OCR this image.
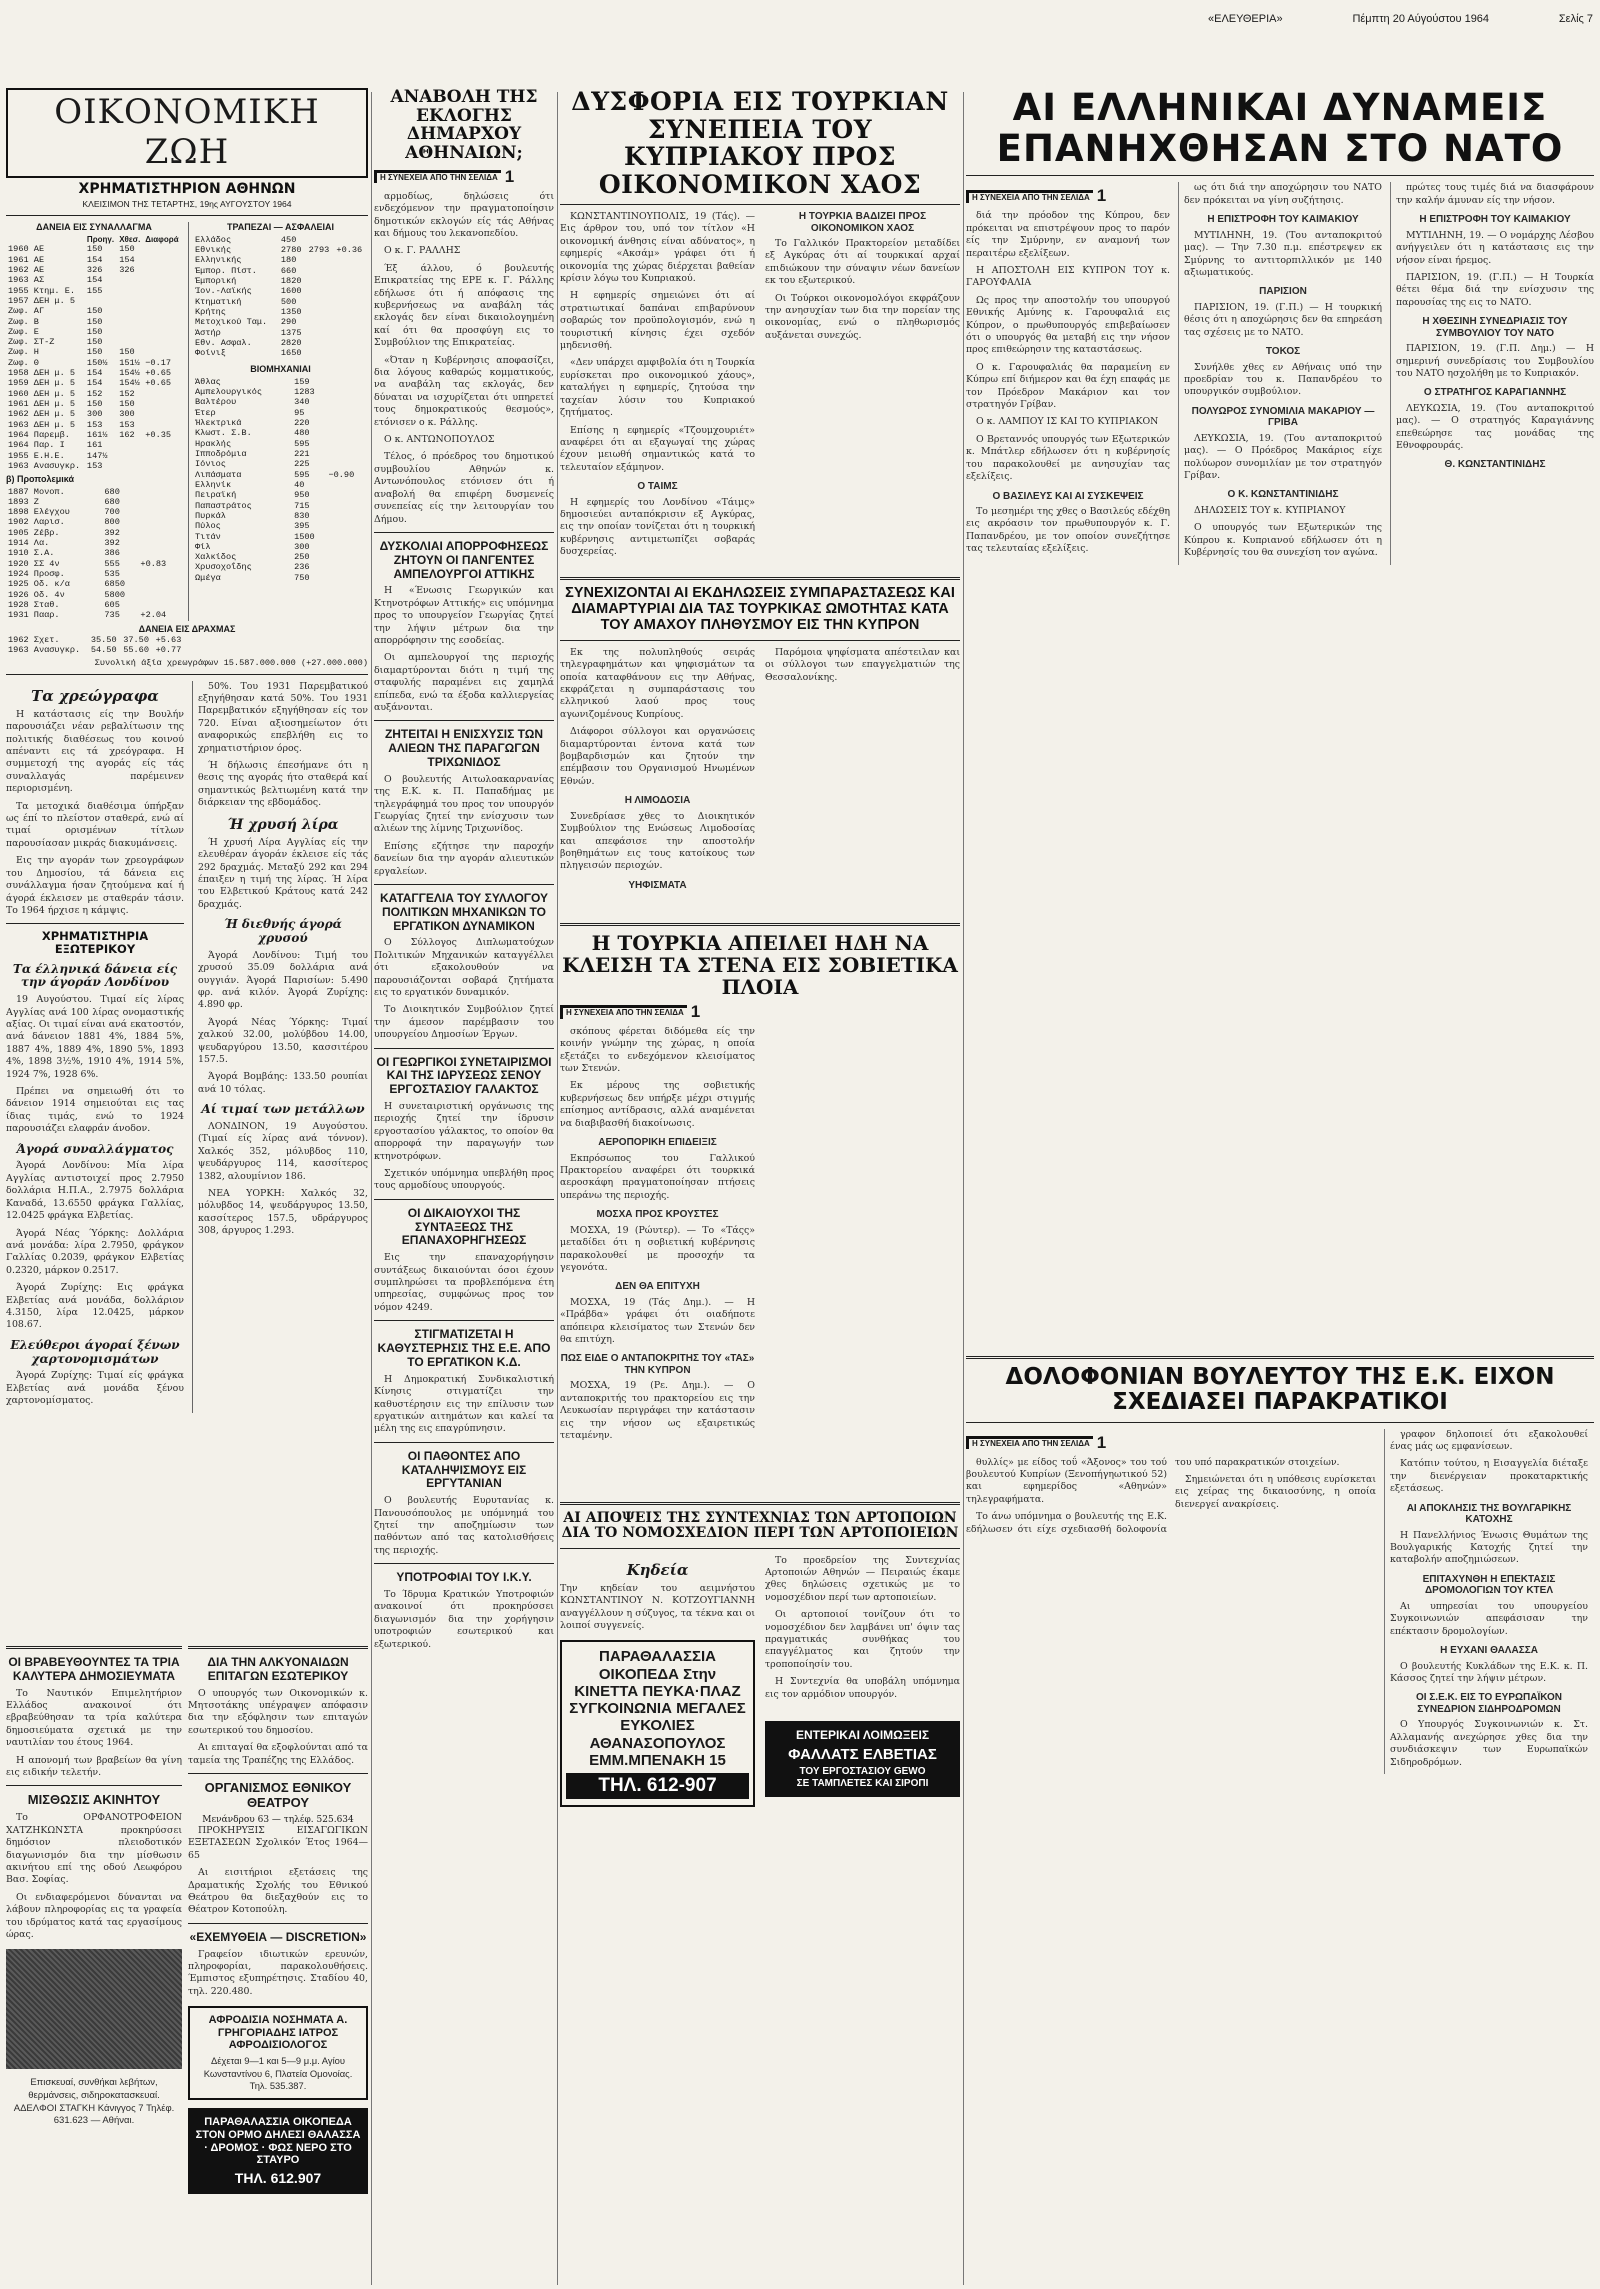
«ΕΛΕΥΘΕΡΙΑ»	Πέμπτη 20 Αύγούστου 1964	Σελίς 7
ΟΙΚΟΝΟΜΙΚΗ ΖΩΗ
ΧΡΗΜΑΤΙΣΤΗΡΙΟΝ ΑΘΗΝΩΝ
ΚΛΕΙΣΙΜΟΝ ΤΗΣ ΤΕΤΑΡΤΗΣ, 19ης ΑΥΓΟΥΣΤΟΥ 1964
ΔΑΝΕΙΑ ΕΙΣ ΣΥΝΑΛΛΑΓΜΑ
	Προηγ.	Χθεσ.	Διαφορά
1960 ΑΕ	150	150	
1961 ΑΕ	154	154	
1962 ΑΕ	326	326	
1963 ΑΣ	154		
1955 Κτημ. Ε.	155		
1957 ΔΕΗ μ. 5			
Ζωφ. ΑΓ	150		
Ζωφ. Β	150		
Ζωφ. Ε	150		
Ζωφ. ΣΤ-Ζ	150		
Ζωφ. Η	150	150	
Ζωφ. Θ	150½	151½	−0.17
1958 ΔΕΗ μ. 5	154	154½	+0.65
1959 ΔΕΗ μ. 5	154	154½	+0.65
1960 ΔΕΗ μ. 5	152	152	
1961 ΔΕΗ μ. 5	150	150	
1962 ΔΕΗ μ. 5	300	300	
1963 ΔΕΗ μ. 5	153	153	
1964 Παρεμβ.	161½	162	+0.35
1964 Παρ. Ι	161		
1955 Ε.Η.Ε.	147½		
1963 Ανασυγκρ.	153		
β) Προπολεμικά
1887 Μονοπ.	680	
1893 Ζ	680	
1898 Ελέγχου	700	
1902 Λαρισ.	800	
1905 Ζέβρ.	392	
1914 Λα.	392	
1910 Σ.Α.	386	
1920 ΣΣ 4ν	555	+0.83
1924 Προσφ.	535	
1925 Οδ. κ/α	6850	
1926 Οδ. 4ν	5800	
1928 Σταθ.	605	
1931 Πααρ.	735	+2.04
ΤΡΑΠΕΖΑΙ — ΑΣΦΑΛΕΙΑΙ
Ελλάδος	450		
Εθνικής	2780	2793	+0.36
Ελληνικής	180		
Έμπορ. Πίστ.	660		
Έμπορική	1820		
Ίον.-Λαϊκής	1600		
Κτηματική	500		
Κρήτης	1350		
Μετοχικού Ταμ.	290		
Άστήρ	1375		
Εθν. Ασφαλ.	2820		
Φοίνιξ	1650		
ΒΙΟΜΗΧΑΝΙΑΙ
Άθλας	159	
Αμπελουργικός	1283	
Βαλτέρου	340	
Έτερ	95	
Ήλεκτρικά	220	
Κλωστ. Σ.Β.	480	
Ηρακλής	595	
Ιπποδρόμια	221	
Ιόνιος	225	
Λιπάσματα	595	−0.90
Ελληνίκ	40	
Πειραϊκή	950	
Παπαστράτος	715	
Πυρκάλ	830	
Πύλος	395	
Τιτάν	1500	
Φίλ	300	
Χαλκίδος	250	
Χρυσοχοΐδης	236	
Ωμέγα	750	
ΔΑΝΕΙΑ ΕΙΣ ΔΡΑΧΜΑΣ
1962 Σχετ.	35.50	37.50	+5.63
1963 Ανασυγκρ.	54.50	55.60	+0.77
Συνολική άξία χρεωγράφων 15.587.000.000 (+27.000.000)
Τα χρεώγραφα

Η κατάστασις είς την Βουλήν παρουσιάζει νέαν ρεβαλίτωσιν της πολιτικής διαθέσεως του κοινού απέναντι εις τά χρεόγραφα. Η συμμετοχή της αγοράς είς τάς συναλλαγάς παρέμεινεν περιορισμένη.

Τα μετοχικά διαθέσιμα ύπήρξαν ως έπί το πλείστον σταθερά, ενώ αί τιμαί ορισμένων τίτλων παρουσίασαν μικράς διακυμάνσεις.

Εις την αγοράν των χρεογράφων του Δημοσίου, τά δάνεια εις συνάλλαγμα ήσαν ζητούμενα καί ή άγορά έκλεισεν με σταθεράν τάσιν. Το 1964 ήρχισε η κάμψις.

ΧΡΗΜΑΤΙΣΤΗΡΙΑ ΕΞΩΤΕΡΙΚΟΥ
Τα έλληνικά δάνεια είς την άγοράν Λονδίνου

19 Αυγούστου. Τιμαί είς λίρας Αγγλίας ανά 100 λίρας ονομαστικής αξίας. Οι τιμαί είναι ανά εκατοστόν, ανά δάνειον 1881 4%, 1884 5%, 1887 4%, 1889 4%, 1890 5%, 1893 4%, 1898 3½%, 1910 4%, 1914 5%, 1924 7%, 1928 6%.

Πρέπει να σημειωθή ότι το δάνειον 1914 σημειούται εις τας ίδιας τιμάς, ενώ το 1924 παρουσιάζει ελαφράν άνοδον.

Άγορά συναλλάγματος

Άγορά Λονδίνου: Μία λίρα Αγγλίας αντιστοιχεί προς 2.7950 δολλάρια Η.Π.Α., 2.7975 δολλάρια Καναδά, 13.6550 φράγκα Γαλλίας, 12.0425 φράγκα Ελβετίας.

Άγορά Νέας Ύόρκης: Δολλάρια ανά μονάδα: λίρα 2.7950, φράγκον Γαλλίας 0.2039, φράγκον Ελβετίας 0.2320, μάρκον 0.2517.

Άγορά Ζυρίχης: Εις φράγκα Ελβετίας ανά μονάδα, δολλάριον 4.3150, λίρα 12.0425, μάρκον 108.67.

Ελεύθεροι άγοραί ξένων χαρτονομισμάτων

Άγορά Ζυρίχης: Τιμαί είς φράγκα Ελβετίας ανά μονάδα ξένου χαρτονομίσματος.

50%. Του 1931 Παρεμβατικού εξηγήθησαν κατά 50%. Του 1931 Παρεμβατικόν εξηγήθησαν είς τον 720. Είναι αξιοσημείωτον ότι αναφορικώς επεβλήθη εις το χρηματιστήριον όρος.

Ή δήλωσις έπεσήμανε ότι η θεσις της αγοράς ήτο σταθερά καί σημαντικώς βελτιωμένη κατά την διάρκειαν της εβδομάδος.

Ή χρυσή λίρα

Ή χρυσή Λίρα Αγγλίας είς την ελευθέραν άγοράν έκλεισε είς τάς 292 δραχμάς. Μεταξύ 292 και 294 έπαιξεν η τιμή της λίρας. Ή λίρα του Ελβετικού Κράτους κατά 242 δραχμάς.

Ή διεθνής άγορά χρυσού

Άγορά Λονδίνου: Τιμή του χρυσού 35.09 δολλάρια ανά ουγγιάν. Άγορά Παρισίων: 5.490 φρ. ανά κιλόν. Άγορά Ζυρίχης: 4.890 φρ.

Άγορά Νέας Ύόρκης: Τιμαί χαλκού 32.00, μολύβδου 14.00, ψευδαργύρου 13.50, κασσιτέρου 157.5.

Άγορά Βομβάης: 133.50 ρουπίαι ανά 10 τόλας.

Αί τιμαί των μετάλλων

ΛΟΝΔΙΝΟΝ, 19 Αυγούστου. (Τιμαί είς λίρας ανά τόννον). Χαλκός 352, μόλυβδος 110, ψευδάργυρος 114, κασσίτερος 1382, αλουμίνιον 186.

ΝΕΑ ΥΟΡΚΗ: Χαλκός 32, μόλυβδος 14, ψευδάργυρος 13.50, κασσίτερος 157.5, υδράργυρος 308, άργυρος 1.293.

ΟΙ ΒΡΑΒΕΥΘΟΥΝΤΕΣ ΤΑ ΤΡΙΑ ΚΑΛΥΤΕΡΑ ΔΗΜΟΣΙΕΥΜΑΤΑ

Το Ναυτικόν Επιμελητήριον Ελλάδος ανακοινοί ότι εβραβεύθησαν τα τρία καλύτερα δημοσιεύματα σχετικά με την ναυτιλίαν του έτους 1964.

Η απονομή των βραβείων θα γίνη εις ειδικήν τελετήν.

ΜΙΣΘΩΣΙΣ ΑΚΙΝΗΤΟΥ

Το ΟΡΦΑΝΟΤΡΟΦΕΙΟΝ ΧΑΤΖΗΚΩΝΣΤΑ προκηρύσσει δημόσιον πλειοδοτικόν διαγωνισμόν δια την μίσθωσιν ακινήτου επί της οδού Λεωφόρου Βασ. Σοφίας.

Οι ενδιαφερόμενοι δύνανται να λάβουν πληροφορίας εις τα γραφεία του ιδρύματος κατά τας εργασίμους ώρας.

Επισκευαί, συνθήκαι λεβήτων, θερμάνσεις, σιδηροκατασκευαί. ΑΔΕΛΦΟΙ ΣΤΑΓΚΗ Κάνιγγος 7 Τηλέφ. 631.623 — Αθήναι.
ΔΙΑ ΤΗΝ ΑΛΚΥΟΝΑΙΔΩΝ ΕΠΙΤΑΓΩΝ ΕΣΩΤΕΡΙΚΟΥ

Ο υπουργός των Οικονομικών κ. Μητσοτάκης υπέγραψεν απόφασιν δια την εξόφλησιν των επιταγών εσωτερικού του δημοσίου.

Αι επιταγαί θα εξοφλούνται από τα ταμεία της Τραπέζης της Ελλάδος.

ΟΡΓΑΝΙΣΜΟΣ ΕΘΝΙΚΟΥ ΘΕΑΤΡΟΥ
Μενάνδρου 63 — τηλέφ. 525.634

ΠΡΟΚΗΡΥΞΙΣ ΕΙΣΑΓΩΓΙΚΩΝ ΕΞΕΤΑΣΕΩΝ Σχολικόν Έτος 1964—65

Αι εισιτήριοι εξετάσεις της Δραματικής Σχολής του Εθνικού Θεάτρου θα διεξαχθούν εις το Θέατρον Κοτοπούλη.

«ΕΧΕΜΥΘΕΙΑ — DISCRETION»

Γραφείον ιδιωτικών ερευνών, πληροφορίαι, παρακολουθήσεις. Έμπιστος εξυπηρέτησις. Σταδίου 40, τηλ. 220.480.

ΑΦΡΟΔΙΣΙΑ ΝΟΣΗΜΑΤΑ Α. ΓΡΗΓΟΡΙΑΔΗΣ ΙΑΤΡΟΣ ΑΦΡΟΔΙΣΙΟΛΟΓΟΣ
Δέχεται 9—1 και 5—9 μ.μ. Αγίου Κωνσταντίνου 6, Πλατεία Ομονοίας. Τηλ. 535.387.
ΠΑΡΑΘΑΛΑΣΣΙΑ ΟΙΚΟΠΕΔΑ ΣΤΟΝ ΟΡΜΟ ΔΗΛΕΣΙ ΘΑΛΑΣΣΑ · ΔΡΟΜΟΣ · ΦΩΣ ΝΕΡΟ ΣΤΟ ΣΤΑΥΡΟ
ΤΗΛ. 612.907
ΑΝΑΒΟΛΗ ΤΗΣ ΕΚΛΟΓΗΣ ΔΗΜΑΡΧΟΥ ΑΘΗΝΑΙΩΝ;
Η ΣΥΝΕΧΕΙΑ ΑΠΟ ΤΗΝ ΣΕΛΙΔΑ 1

αρμοδίως, δηλώσεις ότι ενδεχόμενον την πραγματοποίησιν δημοτικών εκλογών είς τάς Αθήνας και δήμους του λεκανοπεδίου.

Ο κ. Γ. ΡΑΛΛΗΣ

Έξ άλλου, ό βουλευτής Επικρατείας της ΕΡΕ κ. Γ. Ράλλης εδήλωσε ότι ή απόφασις της κυβερνήσεως να αναβάλη τάς εκλογάς δεν είναι δικαιολογημένη καί ότι θα προσφύγη εις το Συμβούλιον της Επικρατείας.

«Όταν η Κυβέρνησις αποφασίζει, δια λόγους καθαρώς κομματικούς, να αναβάλη τας εκλογάς, δεν δύναται να ισχυρίζεται ότι υπηρετεί τους δημοκρατικούς θεσμούς», ετόνισεν ο κ. Ράλλης.

Ο κ. ΑΝΤΩΝΟΠΟΥΛΟΣ

Τέλος, ό πρόεδρος του δημοτικού συμβουλίου Αθηνών κ. Αντωνόπουλος ετόνισεν ότι ή αναβολή θα επιφέρη δυσμενείς συνεπείας είς την λειτουργίαν του Δήμου.

ΔΥΣΚΟΛΙΑΙ ΑΠΟΡΡΟΦΗΣΕΩΣ ΖΗΤΟΥΝ ΟΙ ΠΑΝΓΕΝΤΕΣ ΑΜΠΕΛΟΥΡΓΟΙ ΑΤΤΙΚΗΣ

Η «Ένωσις Γεωργικών και Κτηνοτρόφων Αττικής» εις υπόμνημα προς το υπουργείον Γεωργίας ζητεί την λήψιν μέτρων δια την απορρόφησιν της εσοδείας.

Οι αμπελουργοί της περιοχής διαμαρτύρονται διότι η τιμή της σταφυλής παραμένει εις χαμηλά επίπεδα, ενώ τα έξοδα καλλιεργείας αυξάνονται.

ΖΗΤΕΙΤΑΙ Η ΕΝΙΣΧΥΣΙΣ ΤΩΝ ΑΛΙΕΩΝ ΤΗΣ ΠΑΡΑΓΩΓΩΝ ΤΡΙΧΩΝΙΔΟΣ

Ο βουλευτής Αιτωλοακαρνανίας της Ε.Κ. κ. Π. Παπαδήμας με τηλεγράφημά του προς τον υπουργόν Γεωργίας ζητεί την ενίσχυσιν των αλιέων της λίμνης Τριχωνίδος.

Επίσης εζήτησε την παροχήν δανείων δια την αγοράν αλιευτικών εργαλείων.

ΚΑΤΑΓΓΕΛΙΑ ΤΟΥ ΣΥΛΛΟΓΟΥ ΠΟΛΙΤΙΚΩΝ ΜΗΧΑΝΙΚΩΝ ΤΟ ΕΡΓΑΤΙΚΟΝ ΔΥΝΑΜΙΚΟΝ

Ο Σύλλογος Διπλωματούχων Πολιτικών Μηχανικών καταγγέλλει ότι εξακολουθούν να παρουσιάζονται σοβαρά ζητήματα εις το εργατικόν δυναμικόν.

Το Διοικητικόν Συμβούλιον ζητεί την άμεσον παρέμβασιν του υπουργείου Δημοσίων Έργων.

ΟΙ ΓΕΩΡΓΙΚΟΙ ΣΥΝΕΤΑΙΡΙΣΜΟΙ ΚΑΙ ΤΗΣ ΙΔΡΥΣΕΩΣ ΣΕΝΟΥ ΕΡΓΟΣΤΑΣΙΟΥ ΓΑΛΑΚΤΟΣ

Η συνεταιριστική οργάνωσις της περιοχής ζητεί την ίδρυσιν εργοστασίου γάλακτος, το οποίον θα απορροφά την παραγωγήν των κτηνοτρόφων.

Σχετικόν υπόμνημα υπεβλήθη προς τους αρμοδίους υπουργούς.

ΟΙ ΔΙΚΑΙΟΥΧΟΙ ΤΗΣ ΣΥΝΤΑΞΕΩΣ ΤΗΣ ΕΠΑΝΑΧΟΡΗΓΗΣΕΩΣ

Εις την επαναχορήγησιν συντάξεως δικαιούνται όσοι έχουν συμπληρώσει τα προβλεπόμενα έτη υπηρεσίας, συμφώνως προς τον νόμον 4249.

ΣΤΙΓΜΑΤΙΖΕΤΑΙ Η ΚΑΘΥΣΤΕΡΗΣΙΣ ΤΗΣ Ε.Ε. ΑΠΟ ΤΟ ΕΡΓΑΤΙΚΟΝ Κ.Δ.

Η Δημοκρατική Συνδικαλιστική Κίνησις στιγματίζει την καθυστέρησιν εις την επίλυσιν των εργατικών αιτημάτων και καλεί τα μέλη της εις επαγρύπνησιν.

ΟΙ ΠΑΘΟΝΤΕΣ ΑΠΟ ΚΑΤΑΛΗΨΙΣΜΟΥΣ ΕΙΣ ΕΡΓΥΤΑΝΙΑΝ

Ο βουλευτής Ευρυτανίας κ. Πανουσόπουλος με υπόμνημά του ζητεί την αποζημίωσιν των παθόντων από τας κατολισθήσεις της περιοχής.

ΥΠΟΤΡΟΦΙΑΙ ΤΟΥ Ι.Κ.Υ.

Το Ίδρυμα Κρατικών Υποτροφιών ανακοινοί ότι προκηρύσσει διαγωνισμόν δια την χορήγησιν υποτροφιών εσωτερικού και εξωτερικού.

ΔΥΣΦΟΡΙΑ ΕΙΣ ΤΟΥΡΚΙΑΝ ΣΥΝΕΠΕΙΑ ΤΟΥ ΚΥΠΡΙΑΚΟΥ ΠΡΟΣ ΟΙΚΟΝΟΜΙΚΟΝ ΧΑΟΣ

ΚΩΝΣΤΑΝΤΙΝΟΥΠΟΛΙΣ, 19 (Τάς). — Εις άρθρον του, υπό τον τίτλον «Η οικονομική άνθησις είναι αδύνατος», η εφημερίς «Ακσάμ» γράφει ότι ή οικονομία της χώρας διέρχεται βαθείαν κρίσιν λόγω του Κυπριακού.

Η εφημερίς σημειώνει ότι αί στρατιωτικαί δαπάναι επιβαρύνουν σοβαρώς τον προϋπολογισμόν, ενώ η τουριστική κίνησις έχει σχεδόν μηδενισθή.

«Δεν υπάρχει αμφιβολία ότι η Τουρκία ευρίσκεται προ οικονομικού χάους», καταλήγει η εφημερίς, ζητούσα την ταχείαν λύσιν του Κυπριακού ζητήματος.

Επίσης η εφημερίς «Τζουμχουριέτ» αναφέρει ότι αι εξαγωγαί της χώρας έχουν μειωθή σημαντικώς κατά το τελευταίον εξάμηνον.

Ο ΤΑΙΜΣ

Η εφημερίς του Λονδίνου «Τάιμς» δημοσιεύει ανταπόκρισιν εξ Αγκύρας, εις την οποίαν τονίζεται ότι η τουρκική κυβέρνησις αντιμετωπίζει σοβαράς δυσχερείας.

Η ΤΟΥΡΚΙΑ ΒΑΔΙΖΕΙ ΠΡΟΣ ΟΙΚΟΝΟΜΙΚΟΝ ΧΑΟΣ

Το Γαλλικόν Πρακτορείον μεταδίδει εξ Αγκύρας ότι αί τουρκικαί αρχαί επιδιώκουν την σύναψιν νέων δανείων εκ του εξωτερικού.

Οι Τούρκοι οικονομολόγοι εκφράζουν την ανησυχίαν των δια την πορείαν της οικονομίας, ενώ ο πληθωρισμός αυξάνεται συνεχώς.

ΣΥΝΕΧΙΖΟΝΤΑΙ ΑΙ ΕΚΔΗΛΩΣΕΙΣ ΣΥΜΠΑΡΑΣΤΑΣΕΩΣ ΚΑΙ ΔΙΑΜΑΡΤΥΡΙΑΙ ΔΙΑ ΤΑΣ ΤΟΥΡΚΙΚΑΣ ΩΜΟΤΗΤΑΣ ΚΑΤΑ ΤΟΥ ΑΜΑΧΟΥ ΠΛΗΘΥΣΜΟΥ ΕΙΣ ΤΗΝ ΚΥΠΡΟΝ

Εκ της πολυπληθούς σειράς τηλεγραφημάτων και ψηφισμάτων τα οποία καταφθάνουν εις την Αθήνας, εκφράζεται η συμπαράστασις του ελληνικού λαού προς τους αγωνιζομένους Κυπρίους.

Διάφοροι σύλλογοι και οργανώσεις διαμαρτύρονται έντονα κατά των βομβαρδισμών και ζητούν την επέμβασιν του Οργανισμού Ηνωμένων Εθνών.

Η ΛΙΜΟΔΟΣΙΑ

Συνεδρίασε χθες το Διοικητικόν Συμβούλιον της Ενώσεως Λιμοδοσίας και απεφάσισε την αποστολήν βοηθημάτων εις τους κατοίκους των πληγεισών περιοχών.

ΥΗΦΙΣΜΑΤΑ

Παρόμοια ψηφίσματα απέστειλαν και οι σύλλογοι των επαγγελματιών της Θεσσαλονίκης.

Η ΤΟΥΡΚΙΑ ΑΠΕΙΛΕΙ ΗΔΗ ΝΑ ΚΛΕΙΣΗ ΤΑ ΣΤΕΝΑ ΕΙΣ ΣΟΒΙΕΤΙΚΑ ΠΛΟΙΑ
Η ΣΥΝΕΧΕΙΑ ΑΠΟ ΤΗΝ ΣΕΛΙΔΑ 1

σκόπους φέρεται διδόμεθα είς την κοινήν γνώμην της χώρας, η οποία εξετάζει το ενδεχόμενον κλεισίματος των Στενών.

Εκ μέρους της σοβιετικής κυβερνήσεως δεν υπήρξε μέχρι στιγμής επίσημος αντίδρασις, αλλά αναμένεται να διαβιβασθή διακοίνωσις.

ΑΕΡΟΠΟΡΙΚΗ ΕΠΙΔΕΙΞΙΣ

Εκπρόσωπος του Γαλλικού Πρακτορείου αναφέρει ότι τουρκικά αεροσκάφη πραγματοποίησαν πτήσεις υπεράνω της περιοχής.

ΜΟΣΧΑ ΠΡΟΣ ΚΡΟΥΣΤΕΣ

ΜΟΣΧΑ, 19 (Ρώυτερ). — Το «Τάςς» μεταδίδει ότι η σοβιετική κυβέρνησις παρακολουθεί με προσοχήν τα γεγονότα.

ΔΕΝ ΘΑ ΕΠΙΤΥΧΗ

ΜΟΣΧΑ, 19 (Τάς Δημ.). — Η «Πράβδα» γράφει ότι οιαδήποτε απόπειρα κλεισίματος των Στενών δεν θα επιτύχη.

ΠΩΣ ΕΙΔΕ Ο ΑΝΤΑΠΟΚΡΙΤΗΣ ΤΟΥ «ΤΑΣ» ΤΗΝ ΚΥΠΡΟΝ

ΜΟΣΧΑ, 19 (Ρε. Δημ.). — Ο ανταποκριτής του πρακτορείου εις την Λευκωσίαν περιγράφει την κατάστασιν εις την νήσον ως εξαιρετικώς τεταμένην.

ΑΙ ΑΠΟΨΕΙΣ ΤΗΣ ΣΥΝΤΕΧΝΙΑΣ ΤΩΝ ΑΡΤΟΠΟΙΩΝ ΔΙΑ ΤΟ ΝΟΜΟΣΧΕΔΙΟΝ ΠΕΡΙ ΤΩΝ ΑΡΤΟΠΟΙΕΙΩΝ
Κηδεία
Την κηδείαν του αειμνήστου ΚΩΝΣΤΑΝΤΙΝΟΥ Ν. ΚΟΤΖΟΥΓΙΑΝΝΗ αναγγέλλουν η σύζυγος, τα τέκνα και οι λοιποί συγγενείς.
ΠΑΡΑΘΑΛΑΣΣΙΑ ΟΙΚΟΠΕΔΑ Στην ΚΙΝΕΤΤΑ ΠΕΥΚΑ·ΠΛΑΖ ΣΥΓΚΟΙΝΩΝΙΑ ΜΕΓΑΛΕΣ ΕΥΚΟΛΙΕΣ ΑΘΑΝΑΣΟΠΟΥΛΟΣ ΕΜΜ.ΜΠΕΝΑΚΗ 15
ΤΗΛ. 612-907

Το προεδρείον της Συντεχνίας Αρτοποιών Αθηνών — Πειραιώς έκαμε χθες δηλώσεις σχετικώς με το νομοσχέδιον περί των αρτοποιείων.

Οι αρτοποιοί τονίζουν ότι το νομοσχέδιον δεν λαμβάνει υπ' όψιν τας πραγματικάς συνθήκας του επαγγέλματος και ζητούν την τροποποίησίν του.

Η Συντεχνία θα υποβάλη υπόμνημα εις τον αρμόδιον υπουργόν.

ΕΝΤΕΡΙΚΑΙ ΛΟΙΜΩΞΕΙΣ
ΦΑΛΛΑΤΣ ΕΛΒΕΤΙΑΣ
ΤΟΥ ΕΡΓΟΣΤΑΣΙΟΥ GEWO
ΣΕ ΤΑΜΠΛΕΤΕΣ ΚΑΙ ΣΙΡΟΠΙ
ΑΙ ΕΛΛΗΝΙΚΑΙ ΔΥΝΑΜΕΙΣ ΕΠΑΝΗΧΘΗΣΑΝ ΣΤΟ ΝΑΤΟ
Η ΣΥΝΕΧΕΙΑ ΑΠΟ ΤΗΝ ΣΕΛΙΔΑ 1

διά την πρόοδον της Κύπρου, δεν πρόκειται να επιστρέψουν προς το παρόν είς την Σμύρνην, εν αναμονή των περαιτέρω εξελίξεων.

Η ΑΠΟΣΤΟΛΗ ΕΙΣ ΚΥΠΡΟΝ ΤΟΥ κ. ΓΑΡΟΥΦΑΛΙΑ

Ως προς την αποστολήν του υπουργού Εθνικής Αμύνης κ. Γαρουφαλιά εις Κύπρον, ο πρωθυπουργός επιβεβαίωσεν ότι ο υπουργός θα μεταβή εις την νήσον προς επιθεώρησιν της καταστάσεως.

Ο κ. Γαρουφαλιάς θα παραμείνη εν Κύπρω επί διήμερον και θα έχη επαφάς με τον Πρόεδρον Μακάριον και τον στρατηγόν Γρίβαν.

Ο κ. ΛΑΜΠΟΥ ΙΣ ΚΑΙ ΤΟ ΚΥΠΡΙΑΚΟΝ

Ο Βρεταννός υπουργός των Εξωτερικών κ. Μπάτλερ εδήλωσεν ότι η κυβέρνησίς του παρακολουθεί με ανησυχίαν τας εξελίξεις.

Ο ΒΑΣΙΛΕΥΣ ΚΑΙ ΑΙ ΣΥΣΚΕΨΕΙΣ

Το μεσημέρι της χθες ο Βασιλεύς εδέχθη εις ακρόασιν τον πρωθυπουργόν κ. Γ. Παπανδρέου, με τον οποίον συνεζήτησε τας τελευταίας εξελίξεις.

ως ότι διά την αποχώρησιν του ΝΑΤΟ δεν πρόκειται να γίνη συζήτησις.

Η ΕΠΙΣΤΡΟΦΗ ΤΟΥ ΚΑΙΜΑΚΙΟΥ

ΜΥΤΙΛΗΝΗ, 19. (Του ανταποκριτού μας). — Την 7.30 π.μ. επέστρεψεν εκ Σμύρνης το αντιτορπιλλικόν με 140 αξιωματικούς.

ΠΑΡΙΣΙΟΝ

ΠΑΡΙΣΙΟΝ, 19. (Γ.Π.) — Η τουρκική θέσις ότι η αποχώρησις δεν θα επηρεάση τας σχέσεις με το ΝΑΤΟ.

ΤΟΚΟΣ

Συνήλθε χθες εν Αθήναις υπό την προεδρίαν του κ. Παπανδρέου το υπουργικόν συμβούλιον.

ΠΟΛΥΩΡΟΣ ΣΥΝΟΜΙΛΙΑ ΜΑΚΑΡΙΟΥ — ΓΡΙΒΑ

ΛΕΥΚΩΣΙΑ, 19. (Του ανταποκριτού μας). — Ο Πρόεδρος Μακάριος είχε πολύωρον συνομιλίαν με τον στρατηγόν Γρίβαν.

Ο Κ. ΚΩΝΣΤΑΝΤΙΝΙΔΗΣ

ΔΗΛΩΣΕΙΣ ΤΟΥ κ. ΚΥΠΡΙΑΝΟΥ

Ο υπουργός των Εξωτερικών της Κύπρου κ. Κυπριανού εδήλωσεν ότι η Κυβέρνησίς του θα συνεχίση τον αγώνα.

πρώτες τους τιμές διά να διασφάρουν την καλήν άμυναν είς την νήσον.

Η ΕΠΙΣΤΡΟΦΗ ΤΟΥ ΚΑΙΜΑΚΙΟΥ

ΜΥΤΙΛΗΝΗ, 19. — Ο νομάρχης Λέσβου ανήγγειλεν ότι η κατάστασις εις την νήσον είναι ήρεμος.

ΠΑΡΙΣΙΟΝ, 19. (Γ.Π.) — Η Τουρκία θέτει θέμα διά την ενίσχυσιν της παρουσίας της εις το ΝΑΤΟ.

Η ΧΘΕΣΙΝΗ ΣΥΝΕΔΡΙΑΣΙΣ ΤΟΥ ΣΥΜΒΟΥΛΙΟΥ ΤΟΥ ΝΑΤΟ

ΠΑΡΙΣΙΟΝ, 19. (Γ.Π. Δημ.) — Η σημερινή συνεδρίασις του Συμβουλίου του ΝΑΤΟ ησχολήθη με το Κυπριακόν.

Ο ΣΤΡΑΤΗΓΟΣ ΚΑΡΑΓΙΑΝΝΗΣ

ΛΕΥΚΩΣΙΑ, 19. (Του ανταποκριτού μας). — Ο στρατηγός Καραγιάννης επεθεώρησε τας μονάδας της Εθνοφρουράς.

Θ. ΚΩΝΣΤΑΝΤΙΝΙΔΗΣ
ΔΟΛΟΦΟΝΙΑΝ ΒΟΥΛΕΥΤΟΥ ΤΗΣ Ε.Κ. ΕΙΧΟΝ ΣΧΕΔΙΑΣΕΙ ΠΑΡΑΚΡΑΤΙΚΟΙ
Η ΣΥΝΕΧΕΙΑ ΑΠΟ ΤΗΝ ΣΕΛΙΔΑ 1

θυλλίς» με είδος τοΰ «Άξονος» του τού βουλευτού Κυπρίων (Ξενοπήγηωτικού 52) και εφημερίδος «Αθηνών» τηλεγραφήματα.

Το άνω υπόμνημα ο βουλευτής της Ε.Κ. εδήλωσεν ότι είχε σχεδιασθή δολοφονία του υπό παρακρατικών στοιχείων.

Σημειώνεται ότι η υπόθεσις ευρίσκεται εις χείρας της δικαιοσύνης, η οποία διενεργεί ανακρίσεις.

γραφον δηλοποιεί ότι εξακολουθεί ένας μάς ως εμφανίσεων.

Κατόπιν τούτου, η Εισαγγελία διέταξε την διενέργειαν προκαταρκτικής εξετάσεως.

ΑΙ ΑΠΟΚΛΗΣΙΣ ΤΗΣ ΒΟΥΛΓΑΡΙΚΗΣ ΚΑΤΟΧΗΣ

Η Πανελλήνιος Ένωσις Θυμάτων της Βουλγαρικής Κατοχής ζητεί την καταβολήν αποζημιώσεων.

ΕΠΙΤΑΧΥΝΘΗ Η ΕΠΕΚΤΑΣΙΣ ΔΡΟΜΟΛΟΓΙΩΝ ΤΟΥ ΚΤΕΛ

Αι υπηρεσίαι του υπουργείου Συγκοινωνιών απεφάσισαν την επέκτασιν δρομολογίων.

Η ΕΥΧΑΝΙ ΘΑΛΑΣΣΑ

Ο βουλευτής Κυκλάδων της Ε.Κ. κ. Π. Κάσσος ζητεί την λήψιν μέτρων.

ΟΙ Σ.Ε.Κ. ΕΙΣ ΤΟ ΕΥΡΩΠΑΪΚΟΝ ΣΥΝΕΔΡΙΟΝ ΣΙΔΗΡΟΔΡΟΜΩΝ

Ο Υπουργός Συγκοινωνιών κ. Στ. Αλλαμανής ανεχώρησε χθες δια την συνδιάσκεψιν των Ευρωπαϊκών Σιδηροδρόμων.
